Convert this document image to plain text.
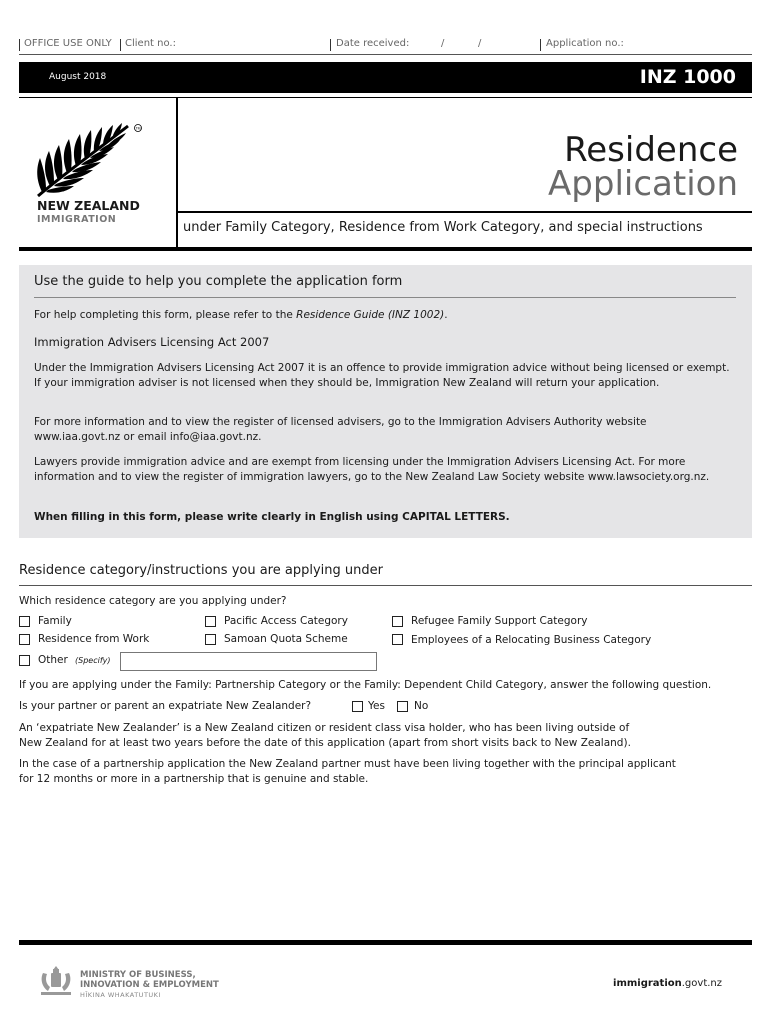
OFFICE USE ONLY Client no.:	Date received:	/	/	Application no.:
August 2018	INZ 1000
TM
NEW ZEALAND
IMMIGRATION
Residence
Application
under Family Category, Residence from Work Category, and special instructions
Use the guide to help you complete the application form

For help completing this form, please refer to the Residence Guide (INZ 1002).

Immigration Advisers Licensing Act 2007

Under the Immigration Advisers Licensing Act 2007 it is an offence to provide immigration advice without being licensed or exempt. If your immigration adviser is not licensed when they should be, Immigration New Zealand will return your application.

For more information and to view the register of licensed advisers, go to the Immigration Advisers Authority website www.iaa.govt.nz or email info@iaa.govt.nz.

Lawyers provide immigration advice and are exempt from licensing under the Immigration Advisers Licensing Act. For more information and to view the register of immigration lawyers, go to the New Zealand Law Society website www.lawsociety.org.nz.

When filling in this form, please write clearly in English using CAPITAL LETTERS.

Residence category/instructions you are applying under
Which residence category are you applying under?
Family
Residence from Work
Other (Specify)
Pacific Access Category
Samoan Quota Scheme
Refugee Family Support Category
Employees of a Relocating Business Category
If you are applying under the Family: Partnership Category or the Family: Dependent Child Category, answer the following question.
Is your partner or parent an expatriate New Zealander?	Yes	No
An ‘expatriate New Zealander’ is a New Zealand citizen or resident class visa holder, who has been living outside of
New Zealand for at least two years before the date of this application (apart from short visits back to New Zealand).
In the case of a partnership application the New Zealand partner must have been living together with the principal applicant
for 12 months or more in a partnership that is genuine and stable.
MINISTRY OF BUSINESS,
INNOVATION & EMPLOYMENT
HĪKINA WHAKATUTUKI
immigration.govt.nz
